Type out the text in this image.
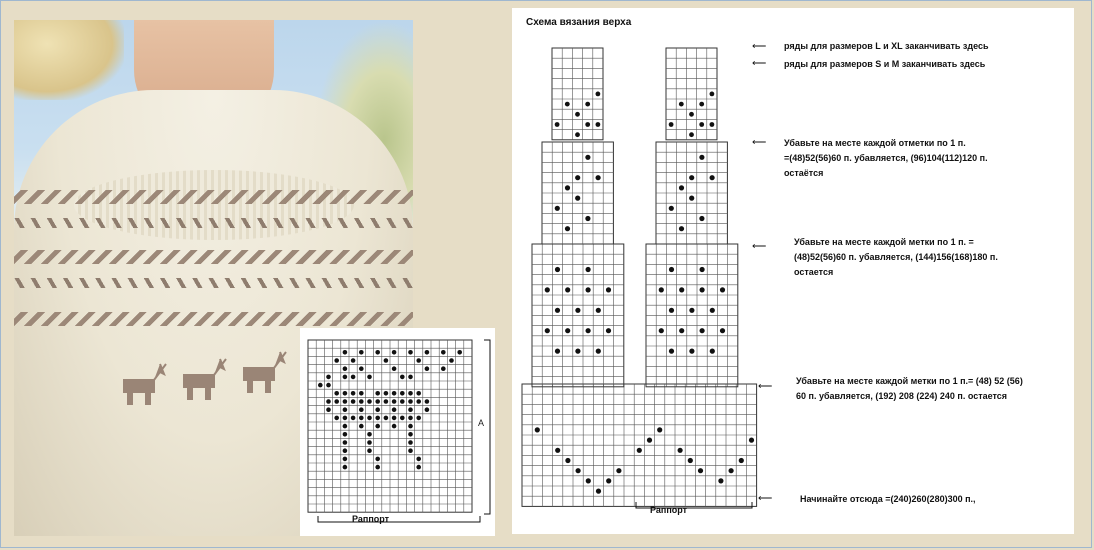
A
Раппорт
Схема вязания верха
⟵ ряды для размеров L и XL заканчивать здесь
⟵ ряды для размеров S и M заканчивать здесь
⟵ Убавьте на месте каждой отметки по 1 п.
=(48)52(56)60 п. убавляется, (96)104(112)120 п.
остаётся
⟵	Убавьте на месте каждой метки по 1 п. =
(48)52(56)60 п. убавляется, (144)156(168)180 п.
остается
⟵	Убавьте на месте каждой метки по 1 п.= (48) 52 (56)
60 п. убавляется, (192) 208 (224) 240 п. остается
⟵	Начинайте отсюда =(240)260(280)300 п.,
Раппорт
